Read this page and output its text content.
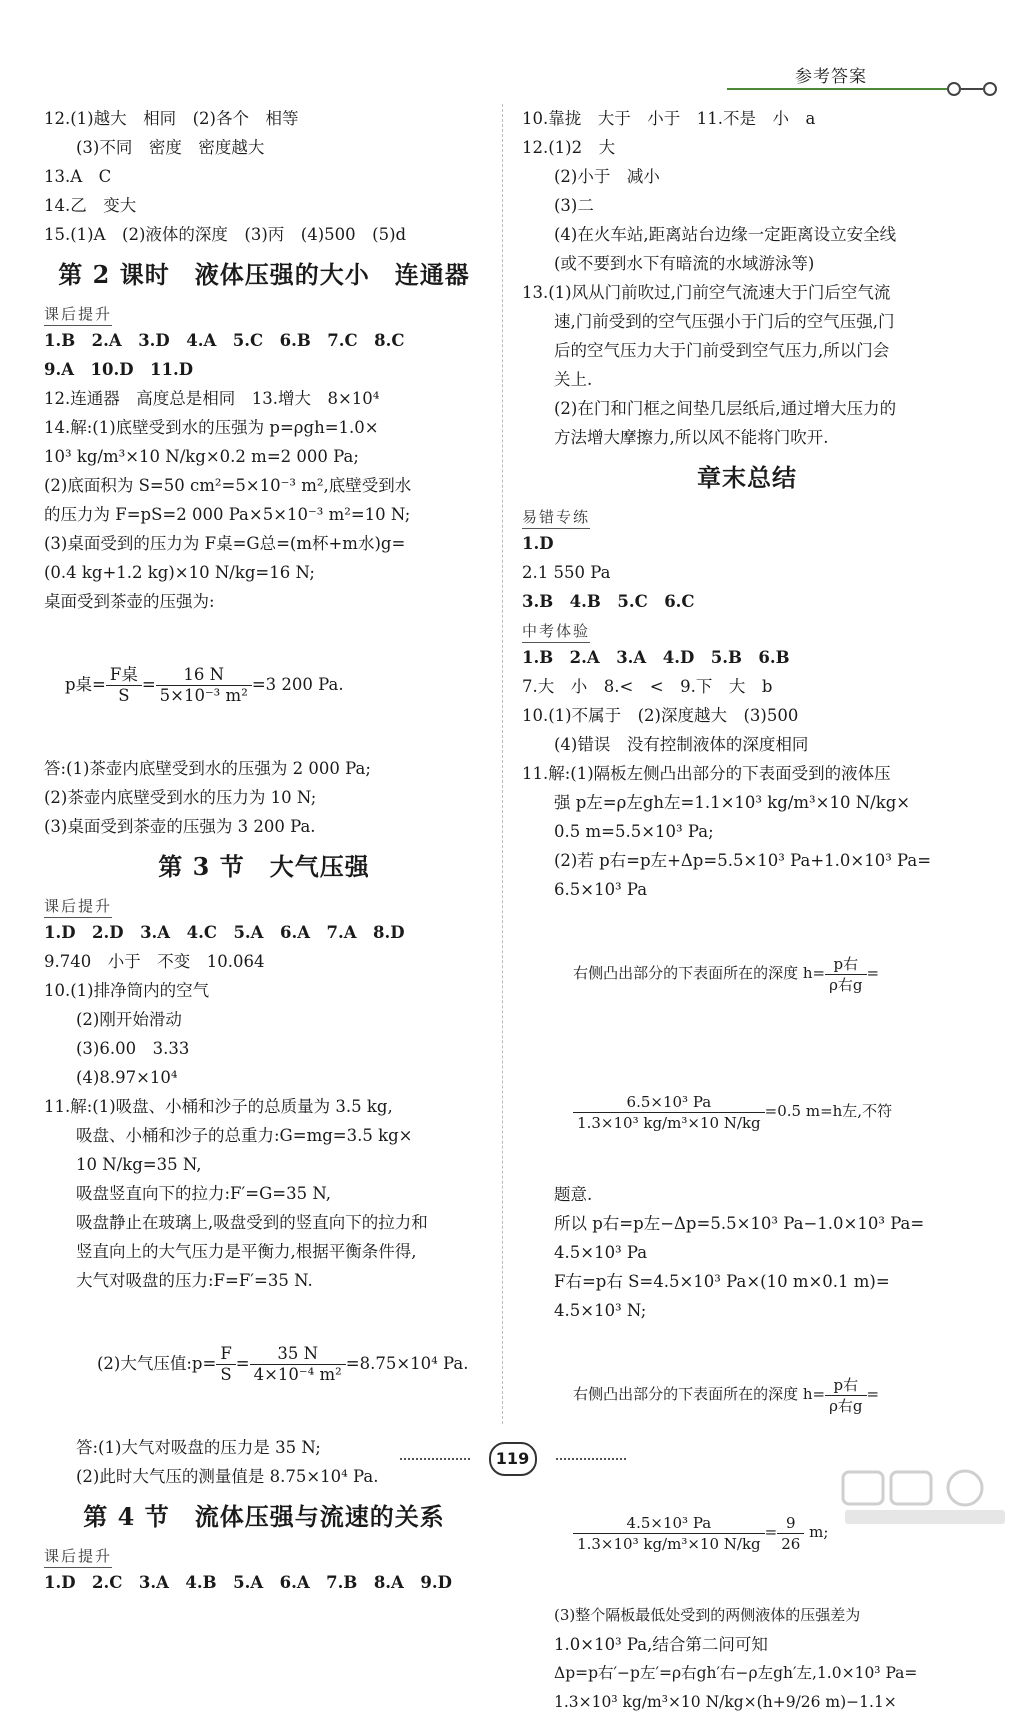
参考答案
12.(1)越大　相同　(2)各个　相等
(3)不同　密度　密度越大
13.A　C
14.乙　变大
15.(1)A　(2)液体的深度　(3)丙　(4)500　(5)d
第 2 课时　液体压强的大小　连通器
课后提升
1.B　2.A　3.D　4.A　5.C　6.B　7.C　8.C
9.A　10.D　11.D
12.连通器　高度总是相同　13.增大　8×10⁴
14.解:(1)底壁受到水的压强为 p=ρgh=1.0×
10³ kg/m³×10 N/kg×0.2 m=2 000 Pa;
(2)底面积为 S=50 cm²=5×10⁻³ m²,底壁受到水
的压力为 F=pS=2 000 Pa×5×10⁻³ m²=10 N;
(3)桌面受到的压力为 F桌=G总=(m杯+m水)g=
(0.4 kg+1.2 kg)×10 N/kg=16 N;
桌面受到茶壶的压强为:

p桌= $\frac{\text{F桌}}{S} = \frac{16 N}{\text{5×10⁻³ m²}} =3$ 200 Pa.

答:(1)茶壶内底壁受到水的压强为 2 000 Pa;
(2)茶壶内底壁受到水的压力为 10 N;
(3)桌面受到茶壶的压强为 3 200 Pa.
第 3 节　大气压强
课后提升
1.D　2.D　3.A　4.C　5.A　6.A　7.A　8.D
9.740　小于　不变　10.064
10.(1)排净筒内的空气
(2)刚开始滑动
(3)6.00　3.33
(4)8.97×10⁴
11.解:(1)吸盘、小桶和沙子的总质量为 3.5 kg,
吸盘、小桶和沙子的总重力:G=mg=3.5 kg×
10 N/kg=35 N,
吸盘竖直向下的拉力:F′=G=35 N,
吸盘静止在玻璃上,吸盘受到的竖直向下的拉力和
竖直向上的大气压力是平衡力,根据平衡条件得,
大气对吸盘的压力:F=F′=35 N.

(2)大气压值:p= $\frac{F}{S} = \frac{35 N}{\text{4×10⁻⁴ m²}} =8.75\times 10^4$ Pa.

答:(1)大气对吸盘的压力是 35 N;
(2)此时大气压的测量值是 8.75×10⁴ Pa.
第 4 节　流体压强与流速的关系
课后提升
1.D　2.C　3.A　4.B　5.A　6.A　7.B　8.A　9.D
10.靠拢　大于　小于　11.不是　小　a
12.(1)2　大
(2)小于　减小
(3)二
(4)在火车站,距离站台边缘一定距离设立安全线
(或不要到水下有暗流的水域游泳等)
13.(1)风从门前吹过,门前空气流速大于门后空气流
速,门前受到的空气压强小于门后的空气压强,门
后的空气压力大于门前受到空气压力,所以门会
关上.
(2)在门和门框之间垫几层纸后,通过增大压力的
方法增大摩擦力,所以风不能将门吹开.
章末总结
易错专练
1.D
2.1 550 Pa
3.B　4.B　5.C　6.C
中考体验
1.B　2.A　3.A　4.D　5.B　6.B
7.大　小　8.<　<　9.下　大　b
10.(1)不属于　(2)深度越大　(3)500
(4)错误　没有控制液体的深度相同
11.解:(1)隔板左侧凸出部分的下表面受到的液体压
强 p左=ρ左gh左=1.1×10³ kg/m³×10 N/kg×
0.5 m=5.5×10³ Pa;
(2)若 p右=p左+Δp=5.5×10³ Pa+1.0×10³ Pa=
6.5×10³ Pa

右侧凸出部分的下表面所在的深度 $h= \frac{\text{p右}}{\text{ρ右g}}$ =

$\frac{\text{6.5×10³ Pa}}{\text{1.3×10³ kg/m³×10 N/kg}} =0.5$ m=h左,不符

题意.
所以 p右=p左−Δp=5.5×10³ Pa−1.0×10³ Pa=
4.5×10³ Pa
F右=p右 S=4.5×10³ Pa×(10 m×0.1 m)=
4.5×10³ N;

右侧凸出部分的下表面所在的深度 $h= \frac{\text{p右}}{\text{ρ右g}}$ =

$\frac{\text{4.5×10³ Pa}}{\text{1.3×10³ kg/m³×10 N/kg}} = \frac{9}{26} m$;

(3)整个隔板最低处受到的两侧液体的压强差为
1.0×10³ Pa,结合第二问可知
Δp=p右′−p左′=ρ右gh′右−ρ左gh′左,1.0×10³ Pa=
1.3×10³ kg/m³×10 N/kg×(h+9/26 m)−1.1×
119
